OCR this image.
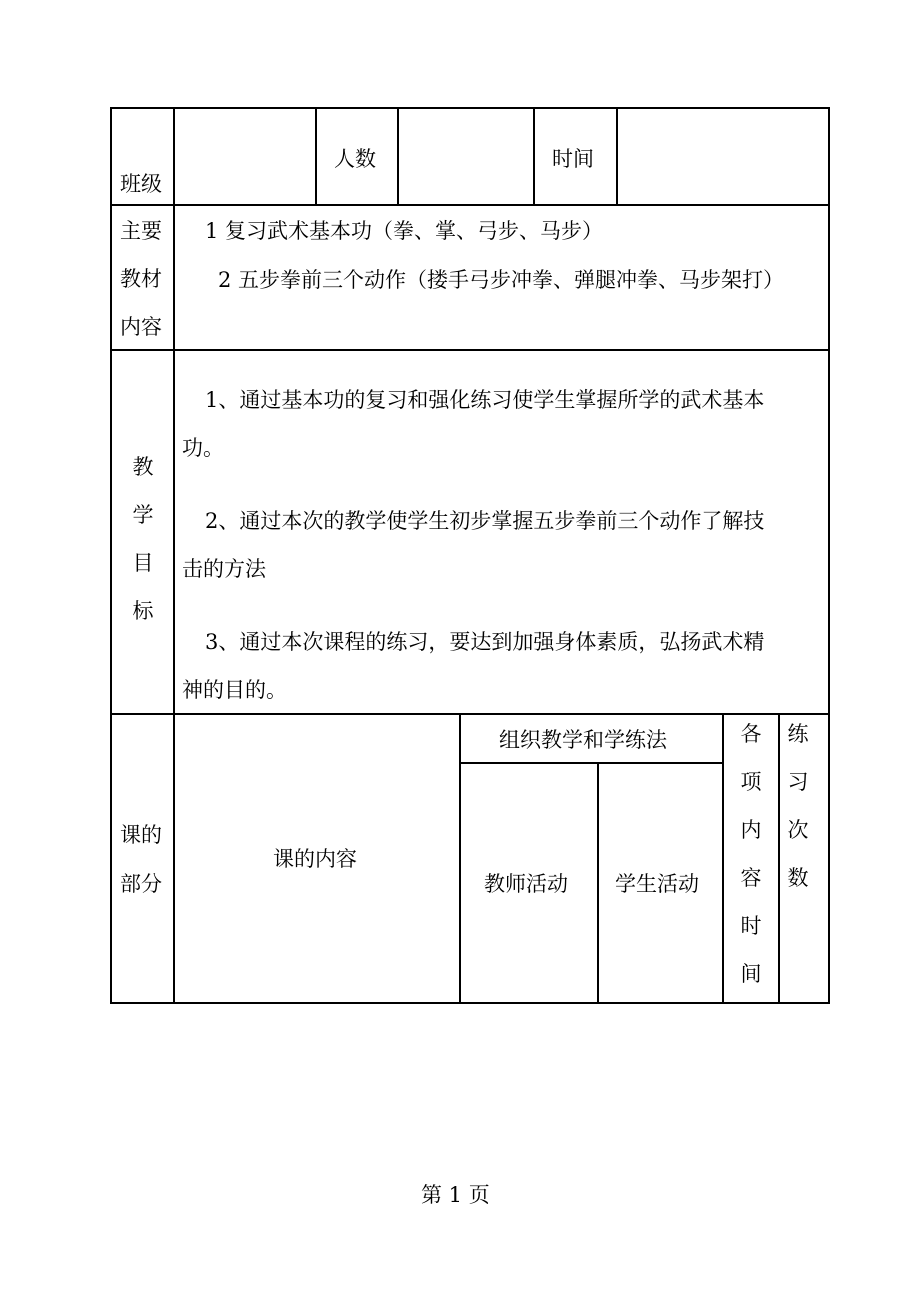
班级
人数	时间
主要
教材
内容
1 复习武术基本功（拳、掌、弓步、马步）
2 五步拳前三个动作（搂手弓步冲拳、弹腿冲拳、马步架打）
教
学
目
标
1、通过基本功的复习和强化练习使学生掌握所学的武术基本
功。
2、通过本次的教学使学生初步掌握五步拳前三个动作了解技
击的方法
3、通过本次课程的练习，要达到加强身体素质，弘扬武术精
神的目的。
课的
部分
课的内容
组织教学和学练法
教师活动 学生活动
各
项
内
容
时
间
练
习
次
数
第 1 页
